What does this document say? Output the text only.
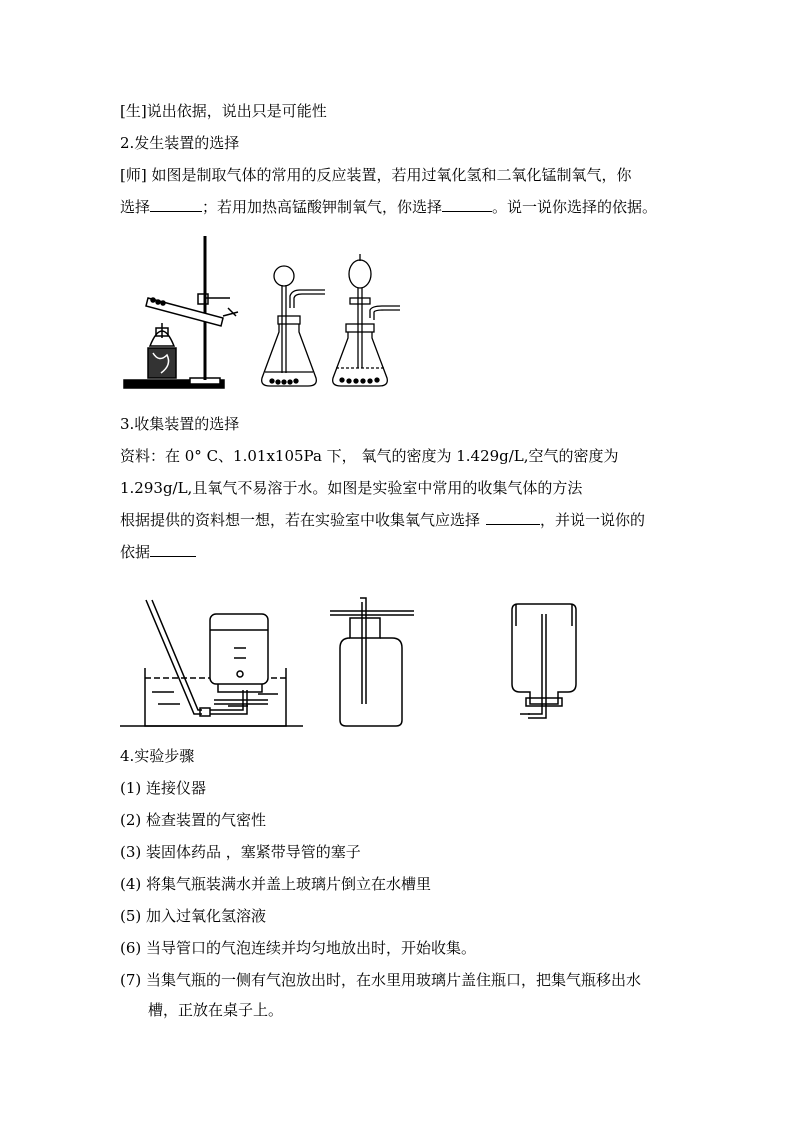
[生]说出依据，说出只是可能性
2.发生装置的选择
[师] 如图是制取气体的常用的反应装置，若用过氧化氢和二氧化锰制氧气，你
选择	；若用加热高锰酸钾制氧气，你选择	。说一说你选择的依据。
3.收集装置的选择
资料：在 0° C、1.01x105Pa 下， 氧气的密度为 1.429g/L,空气的密度为
1.293g/L,且氧气不易溶于水。如图是实验室中常用的收集气体的方法
根据提供的资料想一想，若在实验室中收集氧气应选择	，并说一说你的
依据
4.实验步骤
(1) 连接仪器
(2) 检查装置的气密性
(3) 装固体药品 ，塞紧带导管的塞子
(4) 将集气瓶装满水并盖上玻璃片倒立在水槽里
(5) 加入过氧化氢溶液
(6) 当导管口的气泡连续并均匀地放出时，开始收集。
(7) 当集气瓶的一侧有气泡放出时，在水里用玻璃片盖住瓶口，把集气瓶移出水
槽，正放在桌子上。
